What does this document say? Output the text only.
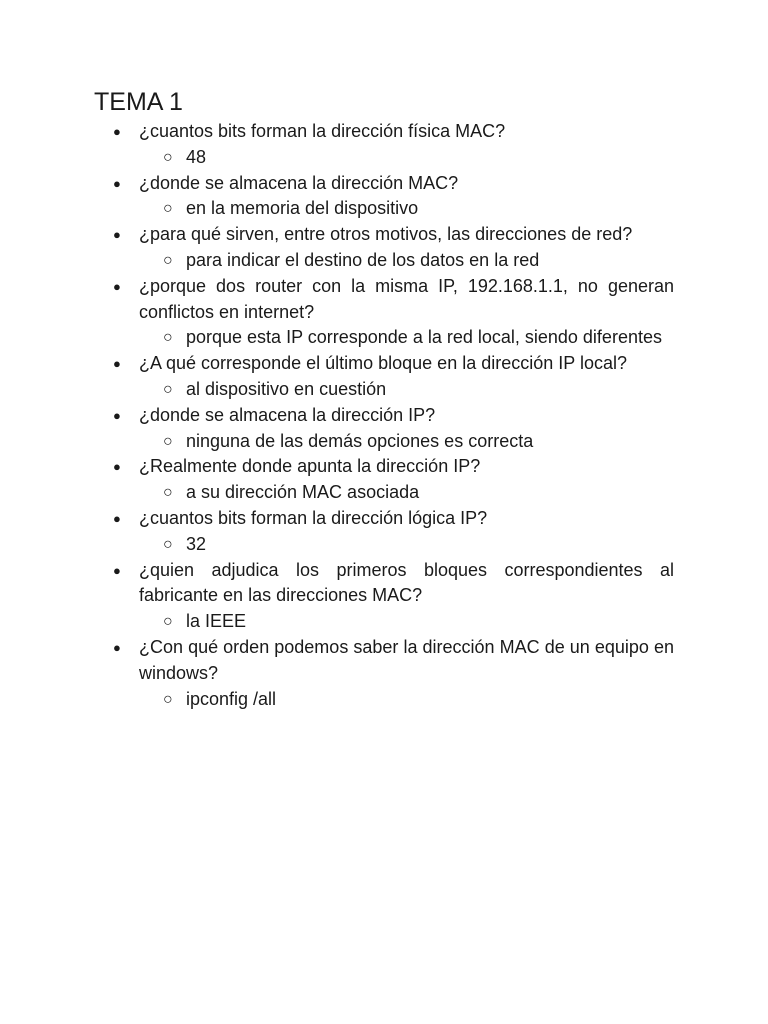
TEMA 1
● ¿cuantos bits forman la dirección física MAC?
○ 48
● ¿donde se almacena la dirección MAC?
○ en la memoria del dispositivo
● ¿para qué sirven, entre otros motivos, las direcciones de red?
○ para indicar el destino de los datos en la red
● ¿porque dos router con la misma IP, 192.168.1.1, no generan conflictos en internet?
○ porque esta IP corresponde a la red local, siendo diferentes
● ¿A qué corresponde el último bloque en la dirección IP local?
○ al dispositivo en cuestión
● ¿donde se almacena la dirección IP?
○ ninguna de las demás opciones es correcta
● ¿Realmente donde apunta la dirección IP?
○ a su dirección MAC asociada
● ¿cuantos bits forman la dirección lógica IP?
○ 32
● ¿quien adjudica los primeros bloques correspondientes al fabricante en las direcciones MAC?
○ la IEEE
● ¿Con qué orden podemos saber la dirección MAC de un equipo en windows?
○ ipconfig /all
